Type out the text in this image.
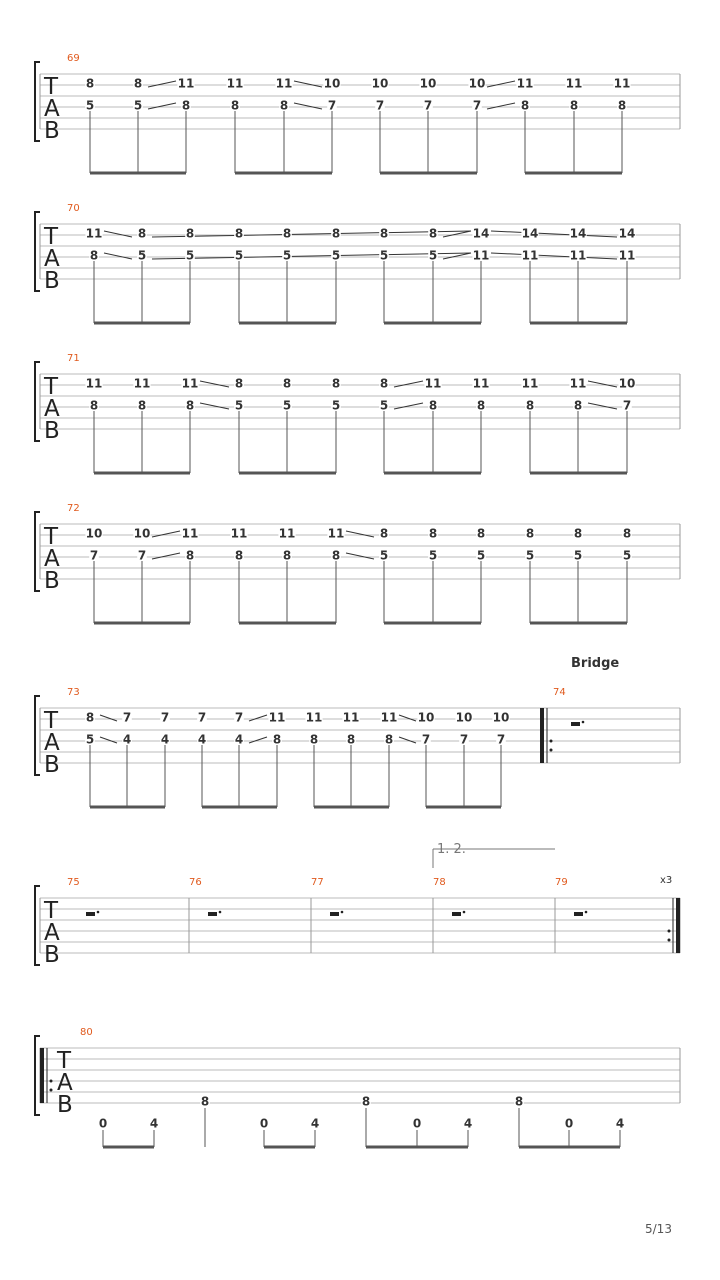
T
A
B
69
8
5
8
5
11
8
11
8
11
8
10
7
10
7
10
7
10
7
11
8
11
8
11
8
T
A
B
70
11
8
8
5
8
5
8
5
8
5
8
5
8
5
8
5
14
11
14
11
14
11
14
11
T
A
B
71
11
8
11
8
11
8
8
5
8
5
8
5
8
5
11
8
11
8
11
8
11
8
10
7
T
A
B
72
10
7
10
7
11
8
11
8
11
8
11
8
8
5
8
5
8
5
8
5
8
5
8
5
T
A
B
73	74
Bridge
8
5
7
4
7
4
7
4
7
4
11
8
11
8
11
8
11
8
10
7
10
7
10
7
T
A
B
75	76	77	78	79
1. 2.
x3
T
A
B
80
0	4
8
0	4
8
0	4
8
0	4
5/13
